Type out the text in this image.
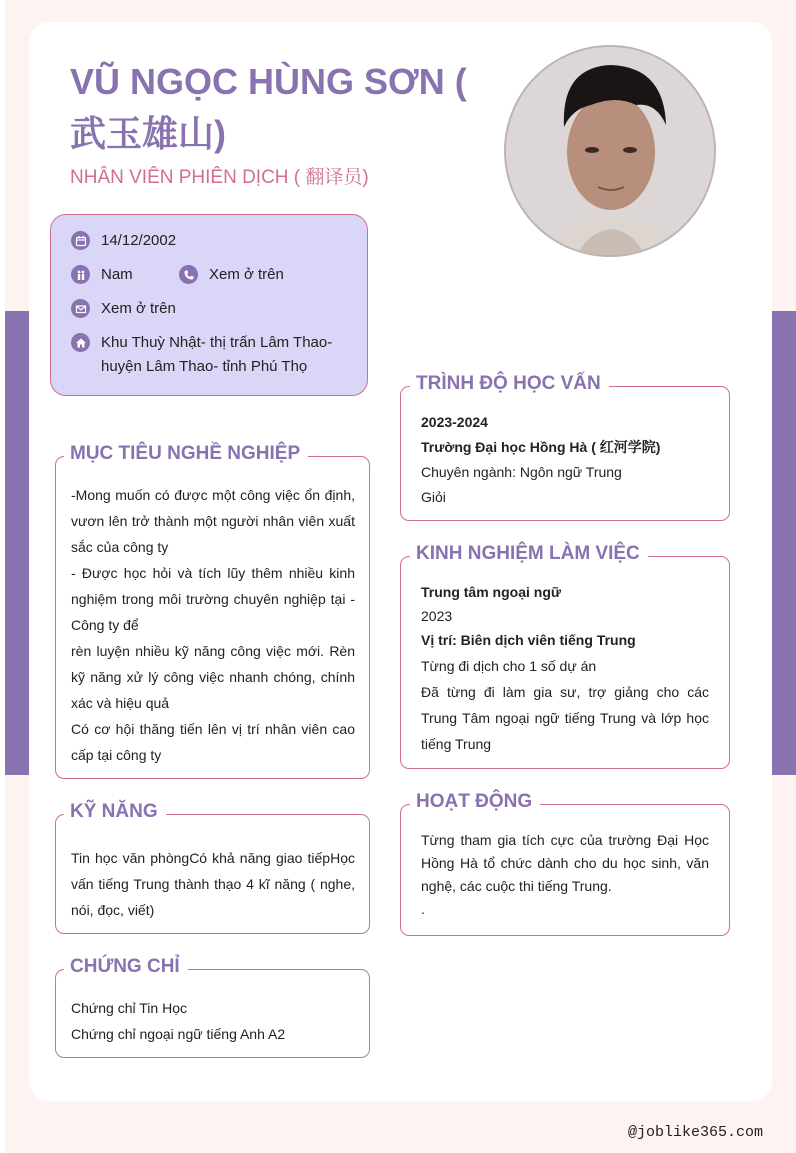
VŨ NGỌC HÙNG SƠN ( 武玉雄山)
NHÂN VIÊN PHIÊN DỊCH ( 翻译员)
14/12/2002
Nam	Xem ở trên
Xem ở trên
Khu Thuỳ Nhật- thị trấn Lâm Thao- huyện Lâm Thao- tỉnh Phú Thọ
MỤC TIÊU NGHỀ NGHIỆP

-Mong muốn có được một công việc ổn định, vươn lên trở thành một người nhân viên xuất sắc của công ty

- Được học hỏi và tích lũy thêm nhiều kinh nghiệm trong môi trường chuyên nghiệp tại -Công ty để

rèn luyện nhiều kỹ năng công việc mới. Rèn kỹ năng xử lý công việc nhanh chóng, chính xác và hiệu quả

Có cơ hội thăng tiến lên vị trí nhân viên cao cấp tại công ty

KỸ NĂNG
Tin học văn phòngCó khả năng giao tiếpHọc vấn tiếng Trung thành thạo 4 kĩ năng ( nghe, nói, đọc, viết)
CHỨNG CHỈ

Chứng chỉ Tin Học

Chứng chỉ ngoại ngữ tiếng Anh A2

TRÌNH ĐỘ HỌC VẤN

2023-2024

Trường Đại học Hồng Hà ( 红河学院)

Chuyên ngành: Ngôn ngữ Trung

Giỏi

KINH NGHIỆM LÀM VIỆC

Trung tâm ngoại ngữ

2023

Vị trí: Biên dịch viên tiếng Trung

Từng đi dịch cho 1 số dự án

Đã từng đi làm gia sư, trợ giảng cho các Trung Tâm ngoại ngữ tiếng Trung và lớp học tiếng Trung

HOẠT ĐỘNG

Từng tham gia tích cực của trường Đại Học Hồng Hà tổ chức dành cho du học sinh, văn nghệ, các cuộc thi tiếng Trung.

.

@joblike365.com
